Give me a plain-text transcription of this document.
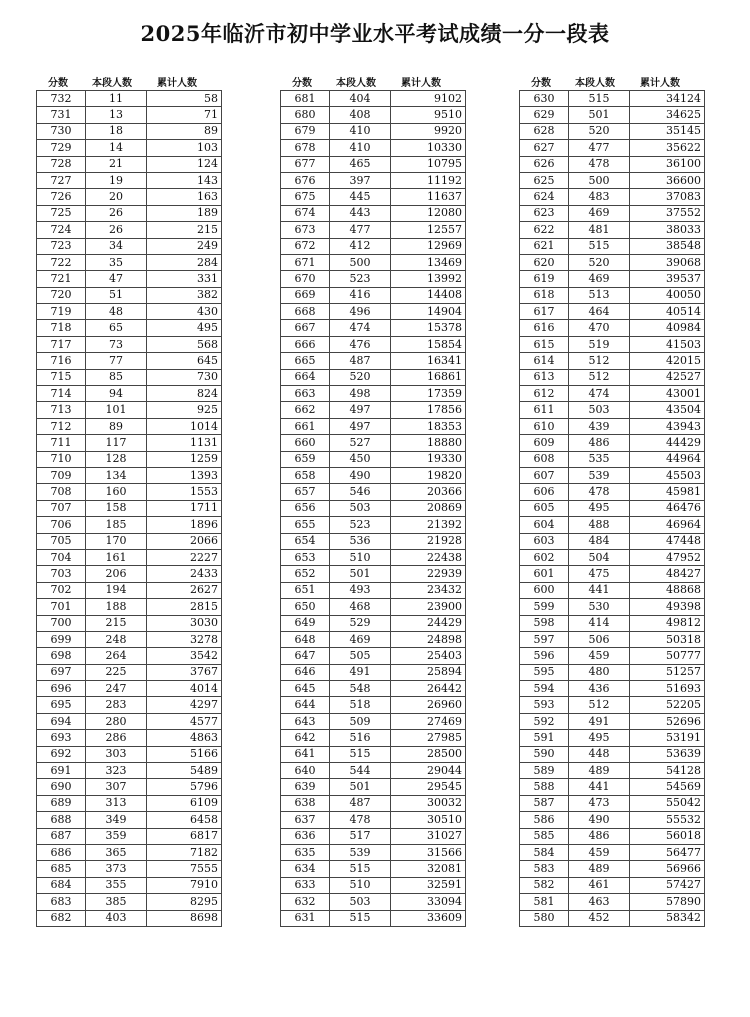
2025年临沂市初中学业水平考试成绩一分一段表
分数	本段人数	累计人数
732	11	58
731	13	71
730	18	89
729	14	103
728	21	124
727	19	143
726	20	163
725	26	189
724	26	215
723	34	249
722	35	284
721	47	331
720	51	382
719	48	430
718	65	495
717	73	568
716	77	645
715	85	730
714	94	824
713	101	925
712	89	1014
711	117	1131
710	128	1259
709	134	1393
708	160	1553
707	158	1711
706	185	1896
705	170	2066
704	161	2227
703	206	2433
702	194	2627
701	188	2815
700	215	3030
699	248	3278
698	264	3542
697	225	3767
696	247	4014
695	283	4297
694	280	4577
693	286	4863
692	303	5166
691	323	5489
690	307	5796
689	313	6109
688	349	6458
687	359	6817
686	365	7182
685	373	7555
684	355	7910
683	385	8295
682	403	8698
分数	本段人数	累计人数
681	404	9102
680	408	9510
679	410	9920
678	410	10330
677	465	10795
676	397	11192
675	445	11637
674	443	12080
673	477	12557
672	412	12969
671	500	13469
670	523	13992
669	416	14408
668	496	14904
667	474	15378
666	476	15854
665	487	16341
664	520	16861
663	498	17359
662	497	17856
661	497	18353
660	527	18880
659	450	19330
658	490	19820
657	546	20366
656	503	20869
655	523	21392
654	536	21928
653	510	22438
652	501	22939
651	493	23432
650	468	23900
649	529	24429
648	469	24898
647	505	25403
646	491	25894
645	548	26442
644	518	26960
643	509	27469
642	516	27985
641	515	28500
640	544	29044
639	501	29545
638	487	30032
637	478	30510
636	517	31027
635	539	31566
634	515	32081
633	510	32591
632	503	33094
631	515	33609
分数	本段人数	累计人数
630	515	34124
629	501	34625
628	520	35145
627	477	35622
626	478	36100
625	500	36600
624	483	37083
623	469	37552
622	481	38033
621	515	38548
620	520	39068
619	469	39537
618	513	40050
617	464	40514
616	470	40984
615	519	41503
614	512	42015
613	512	42527
612	474	43001
611	503	43504
610	439	43943
609	486	44429
608	535	44964
607	539	45503
606	478	45981
605	495	46476
604	488	46964
603	484	47448
602	504	47952
601	475	48427
600	441	48868
599	530	49398
598	414	49812
597	506	50318
596	459	50777
595	480	51257
594	436	51693
593	512	52205
592	491	52696
591	495	53191
590	448	53639
589	489	54128
588	441	54569
587	473	55042
586	490	55532
585	486	56018
584	459	56477
583	489	56966
582	461	57427
581	463	57890
580	452	58342
